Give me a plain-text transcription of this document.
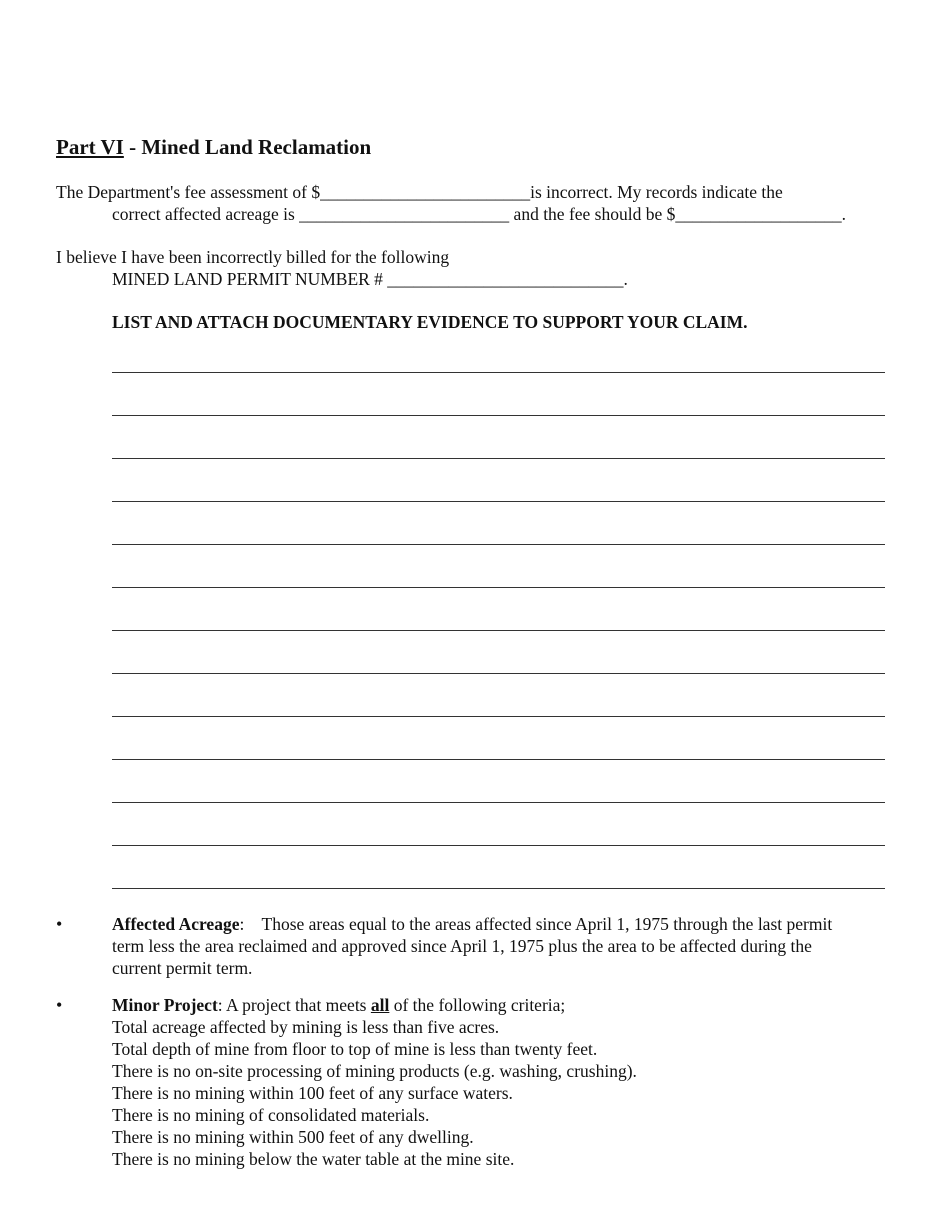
Part VI - Mined Land Reclamation
The Department's fee assessment of $________________________is incorrect. My records indicate the
correct affected acreage is ________________________ and the fee should be $___________________.
I believe I have been incorrectly billed for the following
MINED LAND PERMIT NUMBER # ___________________________.
LIST AND ATTACH DOCUMENTARY EVIDENCE TO SUPPORT YOUR CLAIM.
•	Affected Acreage:    Those areas equal to the areas affected since April 1, 1975 through the last permit term less the area reclaimed and approved since April 1, 1975 plus the area to be affected during the current permit term.
•	Minor Project: A project that meets all of the following criteria;
Total acreage affected by mining is less than five acres.
Total depth of mine from floor to top of mine is less than twenty feet.
There is no on-site processing of mining products (e.g. washing, crushing).
There is no mining within 100 feet of any surface waters.
There is no mining of consolidated materials.
There is no mining within 500 feet of any dwelling.
There is no mining below the water table at the mine site.
